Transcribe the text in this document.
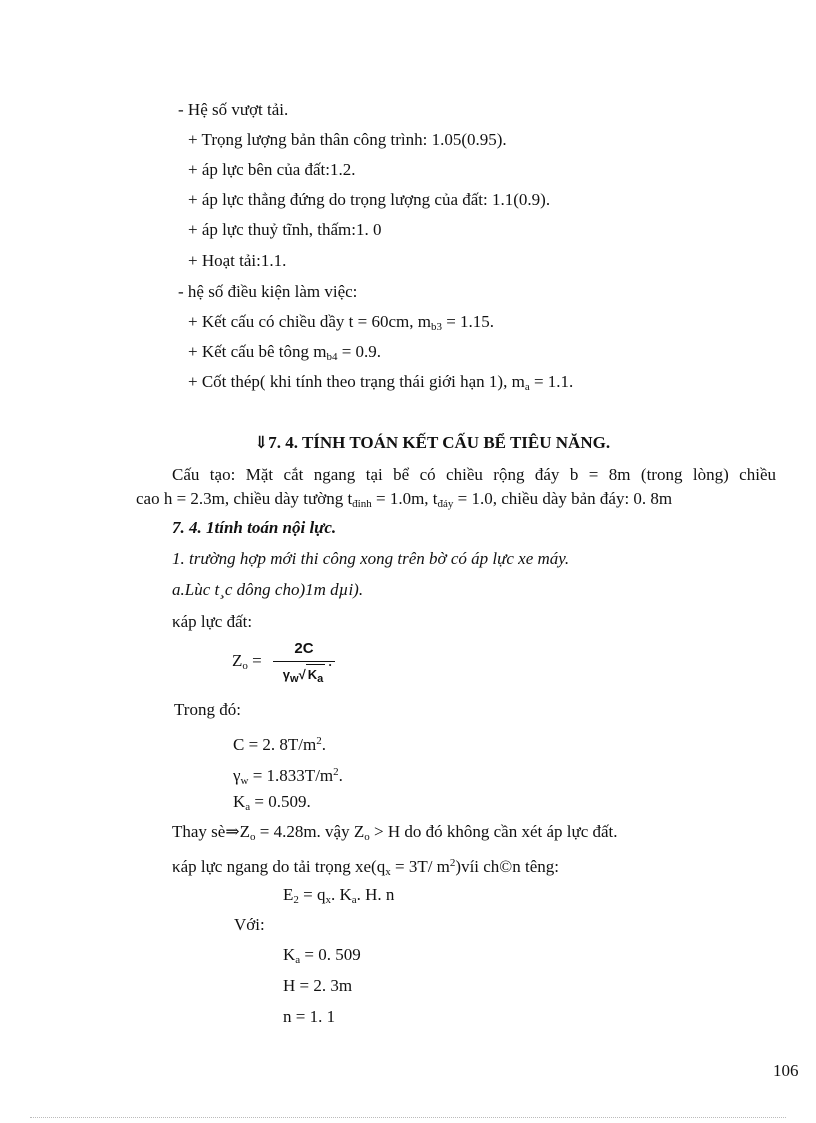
- Hệ số vượt tải.
+ Trọng lượng bản thân công trình: 1.05(0.95).
+ áp lực bên của đất:1.2.
+ áp lực thẳng đứng do trọng lượng của đất: 1.1(0.9).
+ áp lực thuỷ tĩnh, thấm:1. 0
+ Hoạt tải:1.1.
- hệ số điều kiện làm việc:
+ Kết cấu có chiều dầy t = 60cm, $m_{b3} = 1.15$.
+ Kết cấu bê tông $m_{b4} = 0.9$.
+ Cốt thép( khi tính theo trạng thái giới hạn 1), $m_a = 1.1$.
⇓7. 4. TÍNH TOÁN KẾT CẤU BỂ TIÊU NĂNG.
Cấu tạo: Mặt cắt ngang tại bể có chiều rộng đáy b = 8m (trong lòng) chiều
cao h = 2.3m, chiều dày tường $t_{đỉnh} = 1.0m$, $t_{đáy} = 1.0$, chiều dày bản đáy: 0. 8m
7. 4. 1tính toán nội lực.
1. trường hợp mới thi công xong trên bờ có áp lực xe máy.
a.Lùc t¸c dông cho)1m dµi).
κáp lực đất:
$Z_o$ =
2C
$\gamma_w√$ $K_a$
.
Trong đó:
C = 2. $8T/m^2$.
$\gamma_w = 1.833T/m^2$.
$K_a = 0.509$.
Thay $sè\Rightarrow Z_o = 4.28m$. vậy $Z_o > H$ do đó không cần xét áp lực đất.
κáp lực ngang do tải trọng $xe(q_x = 3T/$ $m^2)víi$ ch©n têng:
$E_2 = q_x$. $K_a$. H. n
Với:
$K_a = 0$. 509
H = 2. 3m
n = 1. 1
106
